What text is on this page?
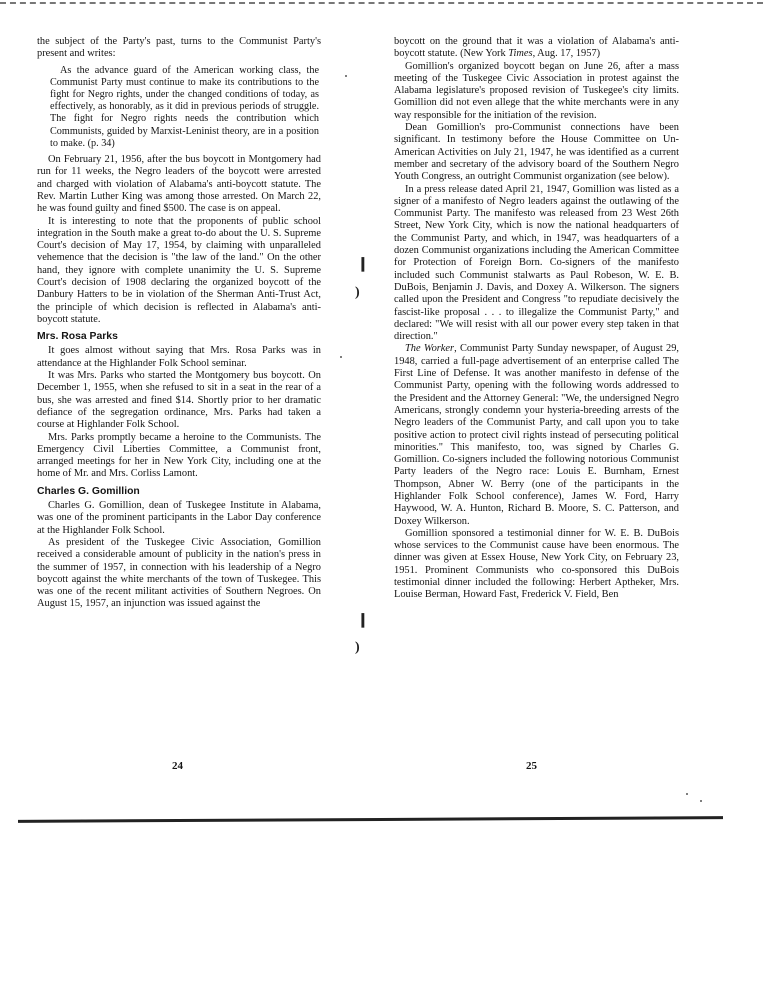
the subject of the Party's past, turns to the Communist Party's present and writes:

As the advance guard of the American working class, the Communist Party must continue to make its contributions to the fight for Negro rights, under the changed conditions of today, as effectively, as honorably, as it did in previous periods of struggle. The fight for Negro rights needs the contribution which Communists, guided by Marxist-Leninist theory, are in a position to make. (p. 34)

On February 21, 1956, after the bus boycott in Montgomery had run for 11 weeks, the Negro leaders of the boycott were arrested and charged with violation of Alabama's anti-boycott statute. The Rev. Martin Luther King was among those arrested. On March 22, he was found guilty and fined $500. The case is on appeal.

It is interesting to note that the proponents of public school integration in the South make a great to-do about the U. S. Supreme Court's decision of May 17, 1954, by claiming with unparalleled vehemence that the decision is "the law of the land." On the other hand, they ignore with complete unanimity the U. S. Supreme Court's decision of 1908 declaring the organized boycott of the Danbury Hatters to be in violation of the Sherman Anti-Trust Act, the principle of which decision is reflected in Alabama's anti-boycott statute.

Mrs. Rosa Parks

It goes almost without saying that Mrs. Rosa Parks was in attendance at the Highlander Folk School seminar.

It was Mrs. Parks who started the Montgomery bus boycott. On December 1, 1955, when she refused to sit in a seat in the rear of a bus, she was arrested and fined $14. Shortly prior to her dramatic defiance of the segregation ordinance, Mrs. Parks had taken a course at Highlander Folk School.

Mrs. Parks promptly became a heroine to the Communists. The Emergency Civil Liberties Committee, a Communist front, arranged meetings for her in New York City, including one at the home of Mr. and Mrs. Corliss Lamont.

Charles G. Gomillion

Charles G. Gomillion, dean of Tuskegee Institute in Alabama, was one of the prominent participants in the Labor Day conference at the Highlander Folk School.

As president of the Tuskegee Civic Association, Gomillion received a considerable amount of publicity in the nation's press in the summer of 1957, in connection with his leadership of a Negro boycott against the white merchants of the town of Tuskegee. This was one of the recent militant activities of Southern Negroes. On August 15, 1957, an injunction was issued against the

boycott on the ground that it was a violation of Alabama's anti-boycott statute. (New York Times, Aug. 17, 1957)

Gomillion's organized boycott began on June 26, after a mass meeting of the Tuskegee Civic Association in protest against the Alabama legislature's proposed revision of Tuskegee's city limits. Gomillion did not even allege that the white merchants were in any way responsible for the initiation of the revision.

Dean Gomillion's pro-Communist connections have been significant. In testimony before the House Committee on Un-American Activities on July 21, 1947, he was identified as a current member and secretary of the advisory board of the Southern Negro Youth Congress, an outright Communist organization (see below).

In a press release dated April 21, 1947, Gomillion was listed as a signer of a manifesto of Negro leaders against the outlawing of the Communist Party. The manifesto was released from 23 West 26th Street, New York City, which is now the national headquarters of the Communist Party, and which, in 1947, was headquarters of a dozen Communist organizations including the American Committee for Protection of Foreign Born. Co-signers of the manifesto included such Communist stalwarts as Paul Robeson, W. E. B. DuBois, Benjamin J. Davis, and Doxey A. Wilkerson. The signers called upon the President and Congress "to repudiate decisively the fascist-like proposal . . . to illegalize the Communist Party," and declared: "We will resist with all our power every step taken in that direction."

The Worker, Communist Party Sunday newspaper, of August 29, 1948, carried a full-page advertisement of an enterprise called The First Line of Defense. It was another manifesto in defense of the Communist Party, opening with the following words addressed to the President and the Attorney General: "We, the undersigned Negro Americans, strongly condemn your hysteria-breeding arrests of the Negro leaders of the Communist Party, and call upon you to take positive action to protect civil rights instead of persecuting political minorities." This manifesto, too, was signed by Charles G. Gomillion. Co-signers included the following notorious Communist Party leaders of the Negro race: Louis E. Burnham, Ernest Thompson, Abner W. Berry (one of the participants in the Highlander Folk School conference), James W. Ford, Harry Haywood, W. A. Hunton, Richard B. Moore, S. C. Patterson, and Doxey Wilkerson.

Gomillion sponsored a testimonial dinner for W. E. B. DuBois whose services to the Communist cause have been enormous. The dinner was given at Essex House, New York City, on February 23, 1951. Prominent Communists who co-sponsored this DuBois testimonial dinner included the following: Herbert Aptheker, Mrs. Louise Berman, Howard Fast, Frederick V. Field, Ben

24	25
❙
)
❙
)
